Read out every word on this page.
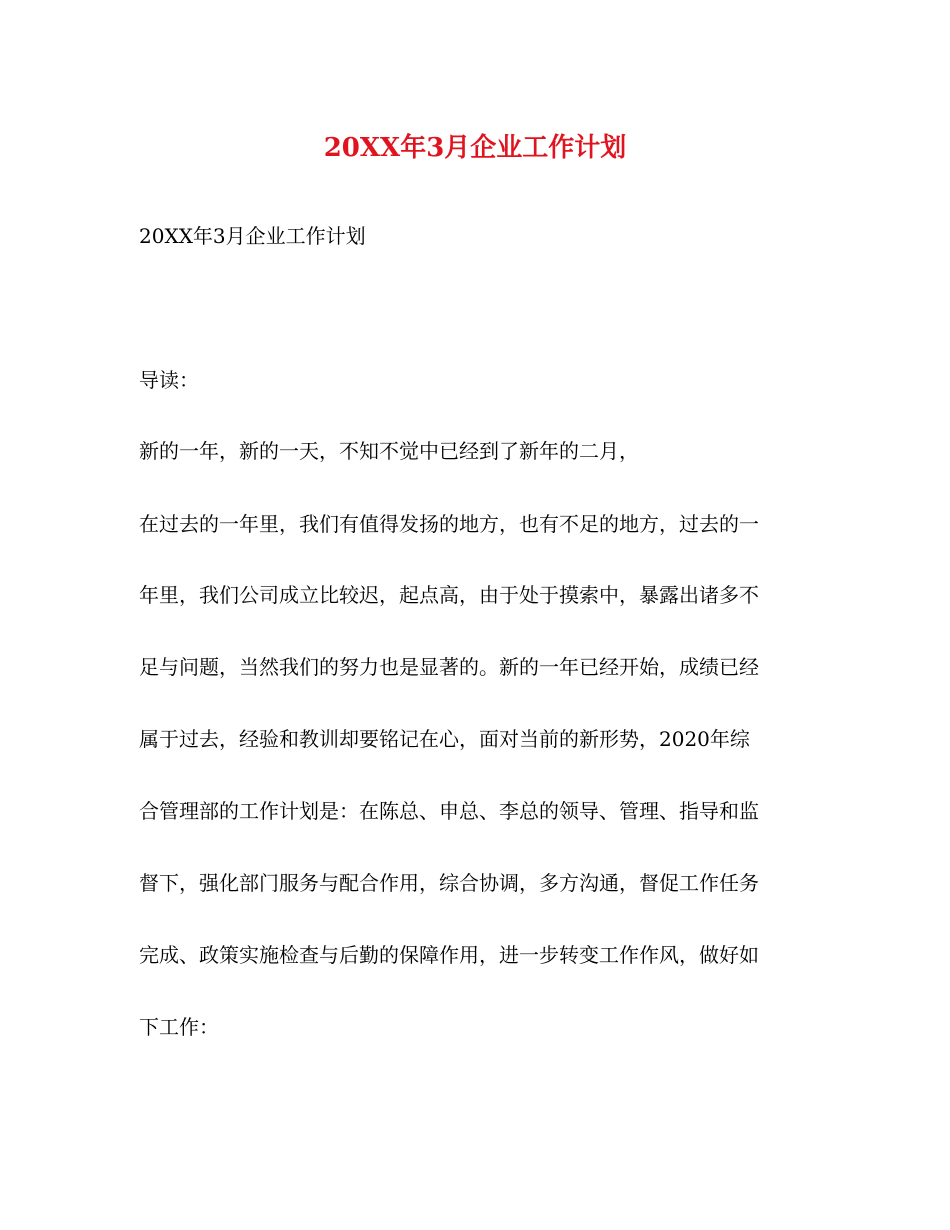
20XX年3月企业工作计划
20XX年3月企业工作计划
导读：
新的一年，新的一天，不知不觉中已经到了新年的二月，
在过去的一年里，我们有值得发扬的地方，也有不足的地方，过去的一
年里，我们公司成立比较迟，起点高，由于处于摸索中，暴露出诸多不
足与问题，当然我们的努力也是显著的。新的一年已经开始，成绩已经
属于过去，经验和教训却要铭记在心，面对当前的新形势，2020年综
合管理部的工作计划是：在陈总、申总、李总的领导、管理、指导和监
督下，强化部门服务与配合作用，综合协调，多方沟通，督促工作任务
完成、政策实施检查与后勤的保障作用，进一步转变工作作风，做好如
下工作：
